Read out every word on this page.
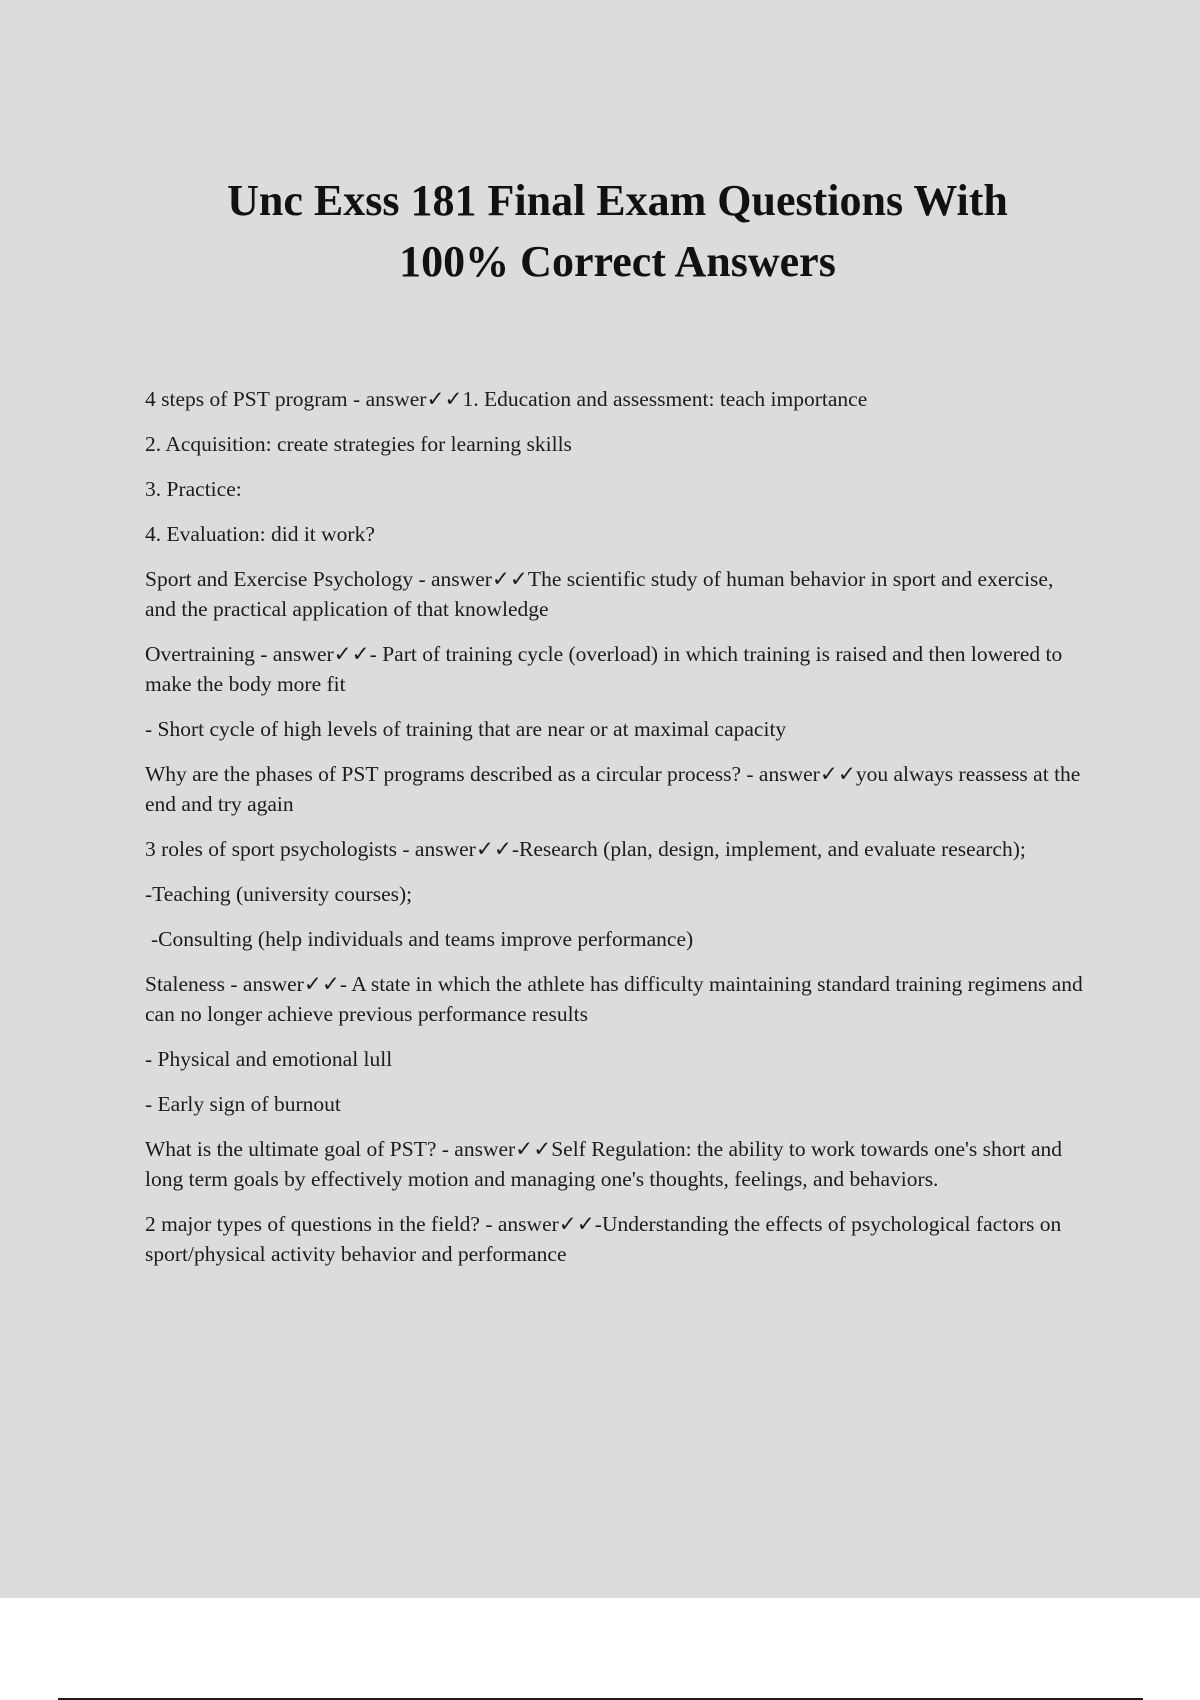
Unc Exss 181 Final Exam Questions With
100% Correct Answers

4 steps of PST program - answer✓✓1. Education and assessment: teach importance

2. Acquisition: create strategies for learning skills

3. Practice:

4. Evaluation: did it work?

Sport and Exercise Psychology - answer✓✓The scientific study of human behavior in sport and exercise, and the practical application of that knowledge

Overtraining - answer✓✓- Part of training cycle (overload) in which training is raised and then lowered to make the body more fit

- Short cycle of high levels of training that are near or at maximal capacity

Why are the phases of PST programs described as a circular process? - answer✓✓you always reassess at the end and try again

3 roles of sport psychologists - answer✓✓-Research (plan, design, implement, and evaluate research);

-Teaching (university courses);

-Consulting (help individuals and teams improve performance)

Staleness - answer✓✓- A state in which the athlete has difficulty maintaining standard training regimens and can no longer achieve previous performance results

- Physical and emotional lull

- Early sign of burnout

What is the ultimate goal of PST? - answer✓✓Self Regulation: the ability to work towards one's short and long term goals by effectively motion and managing one's thoughts, feelings, and behaviors.

2 major types of questions in the field? - answer✓✓-Understanding the effects of psychological factors on sport/physical activity behavior and performance
